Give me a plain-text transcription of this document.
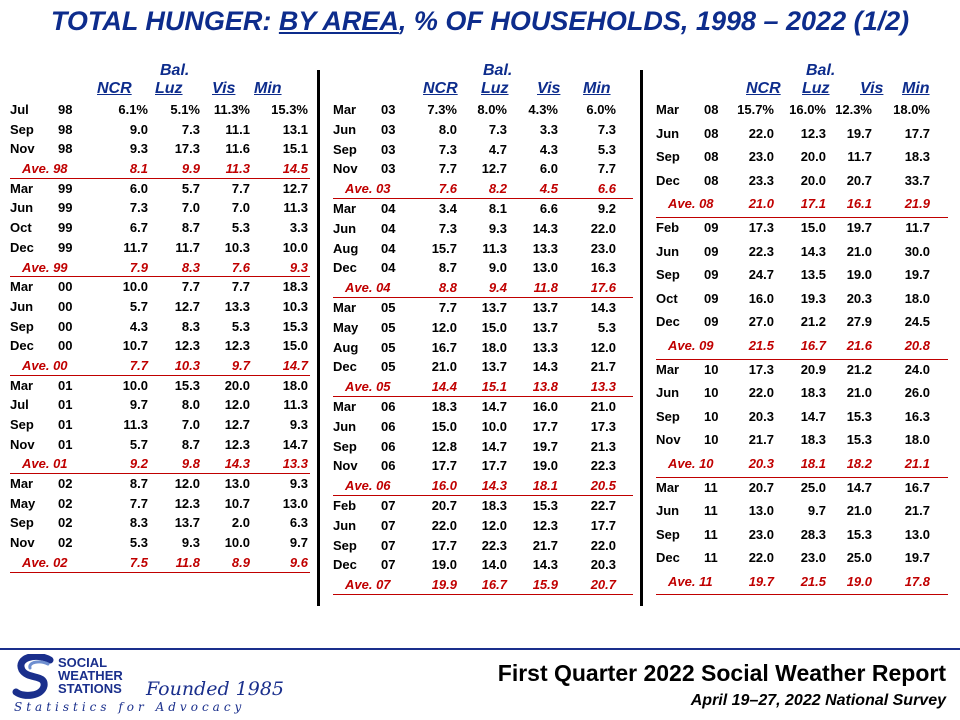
TOTAL HUNGER: BY AREA, % OF HOUSEHOLDS, 1998 – 2022 (1/2)
Bal.
NCR Luz Vis Min
Jul 98	6.1% 5.1% 11.3% 15.3%
Sep 98	9.0	7.3 11.1	13.1
Nov 98	9.3 17.3 11.6	15.1
Ave. 98	8.1	9.9 11.3	14.5
Mar 99	6.0	5.7 7.7	12.7
Jun 99	7.3	7.0 7.0	11.3
Oct 99	6.7	8.7 5.3	3.3
Dec 99	11.7 11.7 10.3	10.0
Ave. 99	7.9	8.3 7.6	9.3
Mar 00	10.0	7.7 7.7	18.3
Jun 00	5.7 12.7 13.3	10.3
Sep 00	4.3	8.3 5.3	15.3
Dec 00	10.7 12.3 12.3	15.0
Ave. 00	7.7 10.3 9.7	14.7
Mar 01	10.0 15.3 20.0	18.0
Jul 01	9.7	8.0 12.0	11.3
Sep 01	11.3	7.0 12.7	9.3
Nov 01	5.7	8.7 12.3	14.7
Ave. 01	9.2	9.8 14.3	13.3
Mar 02	8.7 12.0 13.0	9.3
May 02	7.7 12.3 10.7	13.0
Sep 02	8.3 13.7 2.0	6.3
Nov 02	5.3	9.3 10.0	9.7
Ave. 02	7.5 11.8 8.9	9.6
Bal.
NCR Luz Vis Min
Mar 03 7.3% 8.0% 4.3% 6.0%
Jun 03	8.0 7.3	3.3	7.3
Sep 03	7.3 4.7	4.3	5.3
Nov 03	7.7 12.7	6.0	7.7
Ave. 03	7.6 8.2	4.5	6.6
Mar 04	3.4 8.1	6.6	9.2
Jun 04	7.3 9.3 14.3	22.0
Aug 04	15.7 11.3 13.3	23.0
Dec 04	8.7 9.0 13.0	16.3
Ave. 04	8.8 9.4 11.8	17.6
Mar 05	7.7 13.7 13.7	14.3
May 05	12.0 15.0 13.7	5.3
Aug 05	16.7 18.0 13.3	12.0
Dec 05	21.0 13.7 14.3	21.7
Ave. 05	14.4 15.1 13.8	13.3
Mar 06	18.3 14.7 16.0	21.0
Jun 06	15.0 10.0 17.7	17.3
Sep 06	12.8 14.7 19.7	21.3
Nov 06	17.7 17.7 19.0	22.3
Ave. 06	16.0 14.3 18.1	20.5
Feb 07	20.7 18.3 15.3	22.7
Jun 07	22.0 12.0 12.3	17.7
Sep 07	17.7 22.3 21.7	22.0
Dec 07	19.0 14.0 14.3	20.3
Ave. 07	19.9 16.7 15.9	20.7
Bal.
NCR Luz Vis Min
Mar 08 15.7% 16.0% 12.3% 18.0%
Jun 08 22.0 12.3 19.7	17.7
Sep 08 23.0 20.0 11.7	18.3
Dec 08 23.3 20.0 20.7	33.7
Ave. 08	21.0 17.1 16.1	21.9
Feb 09 17.3 15.0 19.7	11.7
Jun 09 22.3 14.3 21.0	30.0
Sep 09 24.7 13.5 19.0	19.7
Oct 09 16.0 19.3 20.3	18.0
Dec 09 27.0 21.2 27.9	24.5
Ave. 09	21.5 16.7 21.6	20.8
Mar 10 17.3 20.9 21.2	24.0
Jun 10 22.0 18.3 21.0	26.0
Sep 10 20.3 14.7 15.3	16.3
Nov 10 21.7 18.3 15.3	18.0
Ave. 10	20.3 18.1 18.2	21.1
Mar 11 20.7 25.0 14.7	16.7
Jun 11 13.0	9.7 21.0	21.7
Sep 11 23.0 28.3 15.3	13.0
Dec 11 22.0 23.0 25.0	19.7
Ave. 11	19.7 21.5 19.0	17.8
SOCIAL
WEATHER
STATIONS Founded 1985
Statistics for Advocacy
First Quarter 2022 Social Weather Report
April 19–27, 2022 National Survey
